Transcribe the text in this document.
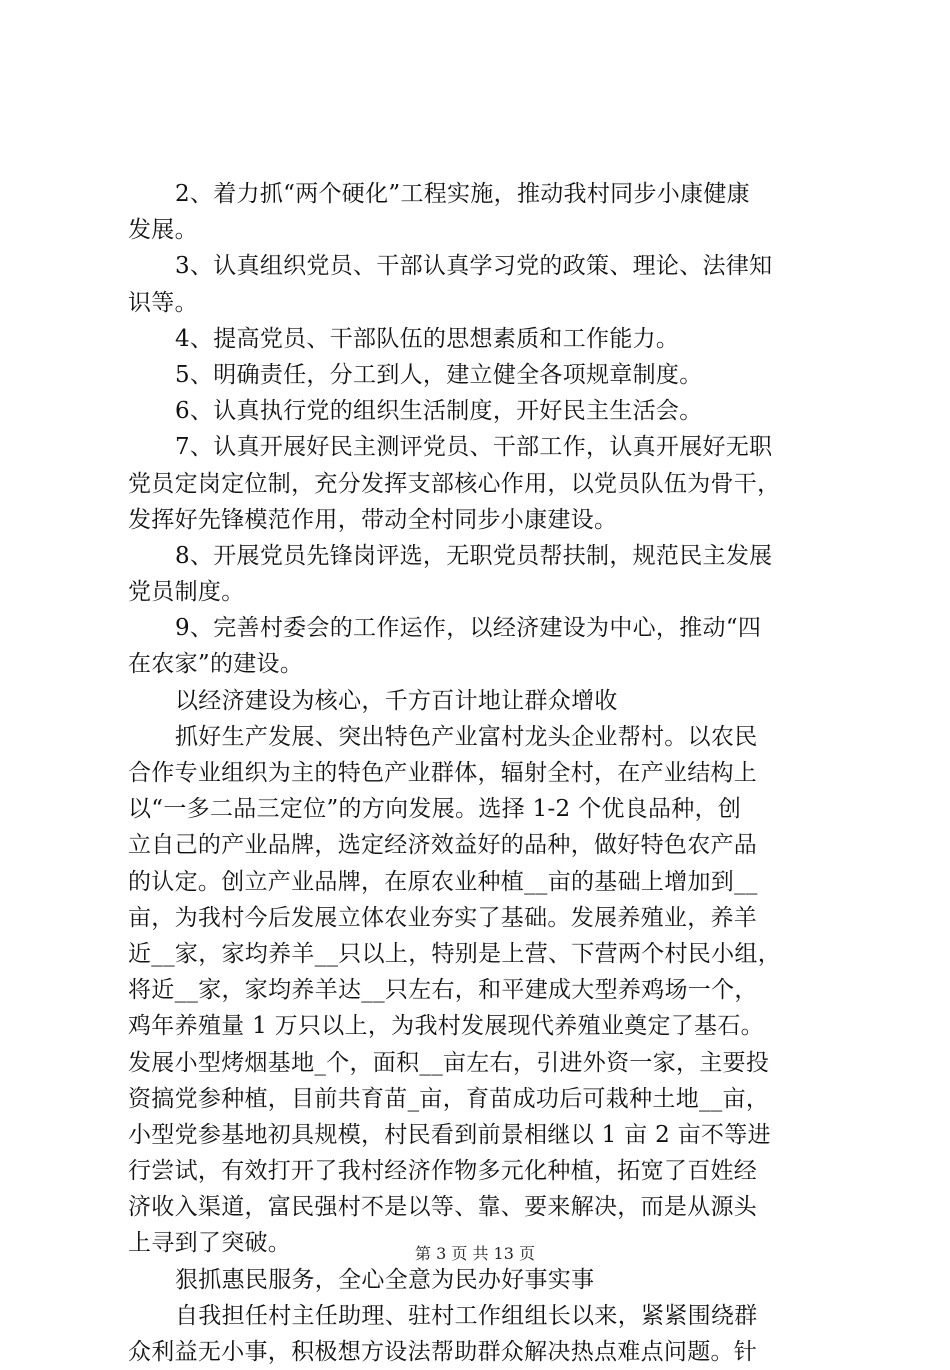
2、着力抓“两个硬化”工程实施，推动我村同步小康健康
发展。
3、认真组织党员、干部认真学习党的政策、理论、法律知
识等。
4、提高党员、干部队伍的思想素质和工作能力。
5、明确责任，分工到人，建立健全各项规章制度。
6、认真执行党的组织生活制度，开好民主生活会。
7、认真开展好民主测评党员、干部工作，认真开展好无职
党员定岗定位制，充分发挥支部核心作用，以党员队伍为骨干，
发挥好先锋模范作用，带动全村同步小康建设。
8、开展党员先锋岗评选，无职党员帮扶制，规范民主发展
党员制度。
9、完善村委会的工作运作，以经济建设为中心，推动“四
在农家”的建设。
以经济建设为核心，千方百计地让群众增收
抓好生产发展、突出特色产业富村龙头企业帮村。以农民
合作专业组织为主的特色产业群体，辐射全村，在产业结构上
以“一多二品三定位”的方向发展。选择 1-2 个优良品种，创
立自己的产业品牌，选定经济效益好的品种，做好特色农产品
的认定。创立产业品牌，在原农业种植__亩的基础上增加到__
亩，为我村今后发展立体农业夯实了基础。发展养殖业，养羊
近__家，家均养羊__只以上，特别是上营、下营两个村民小组，
将近__家，家均养羊达__只左右，和平建成大型养鸡场一个，
鸡年养殖量 1 万只以上，为我村发展现代养殖业奠定了基石。
发展小型烤烟基地_个，面积__亩左右，引进外资一家，主要投
资搞党参种植，目前共育苗_亩，育苗成功后可栽种土地__亩，
小型党参基地初具规模，村民看到前景相继以 1 亩 2 亩不等进
行尝试，有效打开了我村经济作物多元化种植，拓宽了百姓经
济收入渠道，富民强村不是以等、靠、要来解决，而是从源头
上寻到了突破。
狠抓惠民服务，全心全意为民办好事实事
自我担任村主任助理、驻村工作组组长以来，紧紧围绕群
众利益无小事，积极想方设法帮助群众解决热点难点问题。针
第 3 页 共 13 页
